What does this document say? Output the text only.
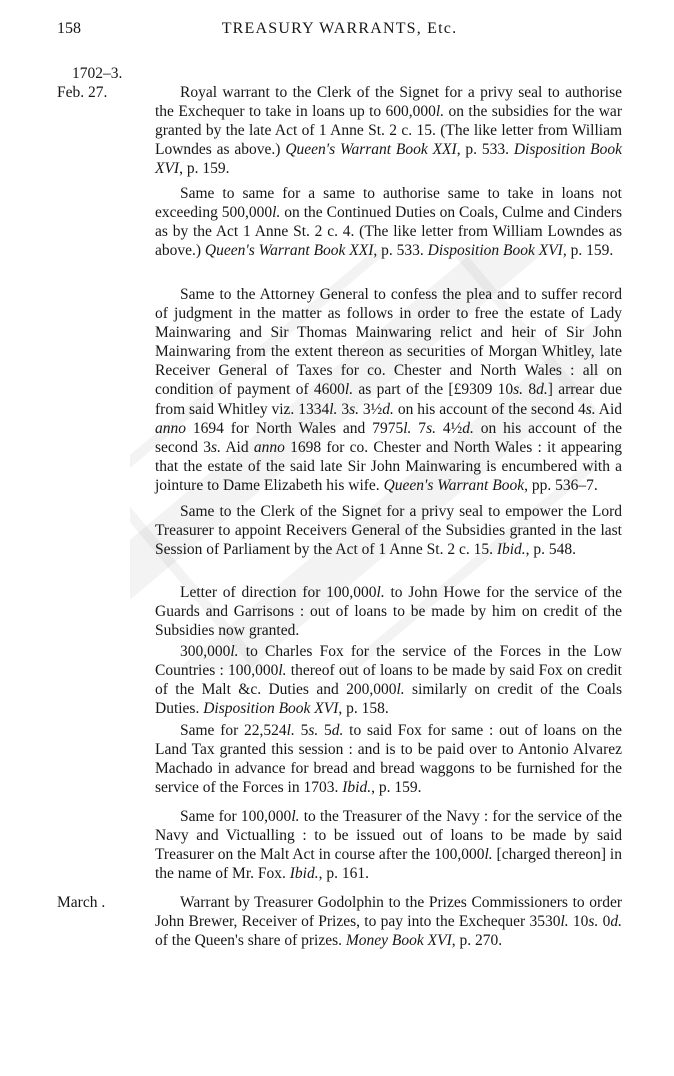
158	TREASURY WARRANTS, Etc.
1702–3.
Feb. 27.
March .
Royal warrant to the Clerk of the Signet for a privy seal to authorise the Exchequer to take in loans up to 600,000l. on the subsidies for the war granted by the late Act of 1 Anne St. 2 c. 15. (The like letter from William Lowndes as above.) Queen's Warrant Book XXI, p. 533. Disposition Book XVI, p. 159.
Same to same for a same to authorise same to take in loans not exceeding 500,000l. on the Continued Duties on Coals, Culme and Cinders as by the Act 1 Anne St. 2 c. 4. (The like letter from William Lowndes as above.) Queen's Warrant Book XXI, p. 533. Disposition Book XVI, p. 159.
Same to the Attorney General to confess the plea and to suffer record of judgment in the matter as follows in order to free the estate of Lady Mainwaring and Sir Thomas Mainwaring relict and heir of Sir John Mainwaring from the extent thereon as securities of Morgan Whitley, late Receiver General of Taxes for co. Chester and North Wales : all on condition of payment of 4600l. as part of the [£9309 10s. 8d.] arrear due from said Whitley viz. 1334l. 3s. 3½d. on his account of the second 4s. Aid anno 1694 for North Wales and 7975l. 7s. 4½d. on his account of the second 3s. Aid anno 1698 for co. Chester and North Wales : it appearing that the estate of the said late Sir John Mainwaring is encumbered with a jointure to Dame Elizabeth his wife. Queen's Warrant Book, pp. 536–7.
Same to the Clerk of the Signet for a privy seal to empower the Lord Treasurer to appoint Receivers General of the Subsidies granted in the last Session of Parliament by the Act of 1 Anne St. 2 c. 15. Ibid., p. 548.
Letter of direction for 100,000l. to John Howe for the service of the Guards and Garrisons : out of loans to be made by him on credit of the Subsidies now granted.
300,000l. to Charles Fox for the service of the Forces in the Low Countries : 100,000l. thereof out of loans to be made by said Fox on credit of the Malt &c. Duties and 200,000l. similarly on credit of the Coals Duties. Disposition Book XVI, p. 158.
Same for 22,524l. 5s. 5d. to said Fox for same : out of loans on the Land Tax granted this session : and is to be paid over to Antonio Alvarez Machado in advance for bread and bread waggons to be furnished for the service of the Forces in 1703. Ibid., p. 159.
Same for 100,000l. to the Treasurer of the Navy : for the service of the Navy and Victualling : to be issued out of loans to be made by said Treasurer on the Malt Act in course after the 100,000l. [charged thereon] in the name of Mr. Fox. Ibid., p. 161.
Warrant by Treasurer Godolphin to the Prizes Commissioners to order John Brewer, Receiver of Prizes, to pay into the Exchequer 3530l. 10s. 0d. of the Queen's share of prizes. Money Book XVI, p. 270.
